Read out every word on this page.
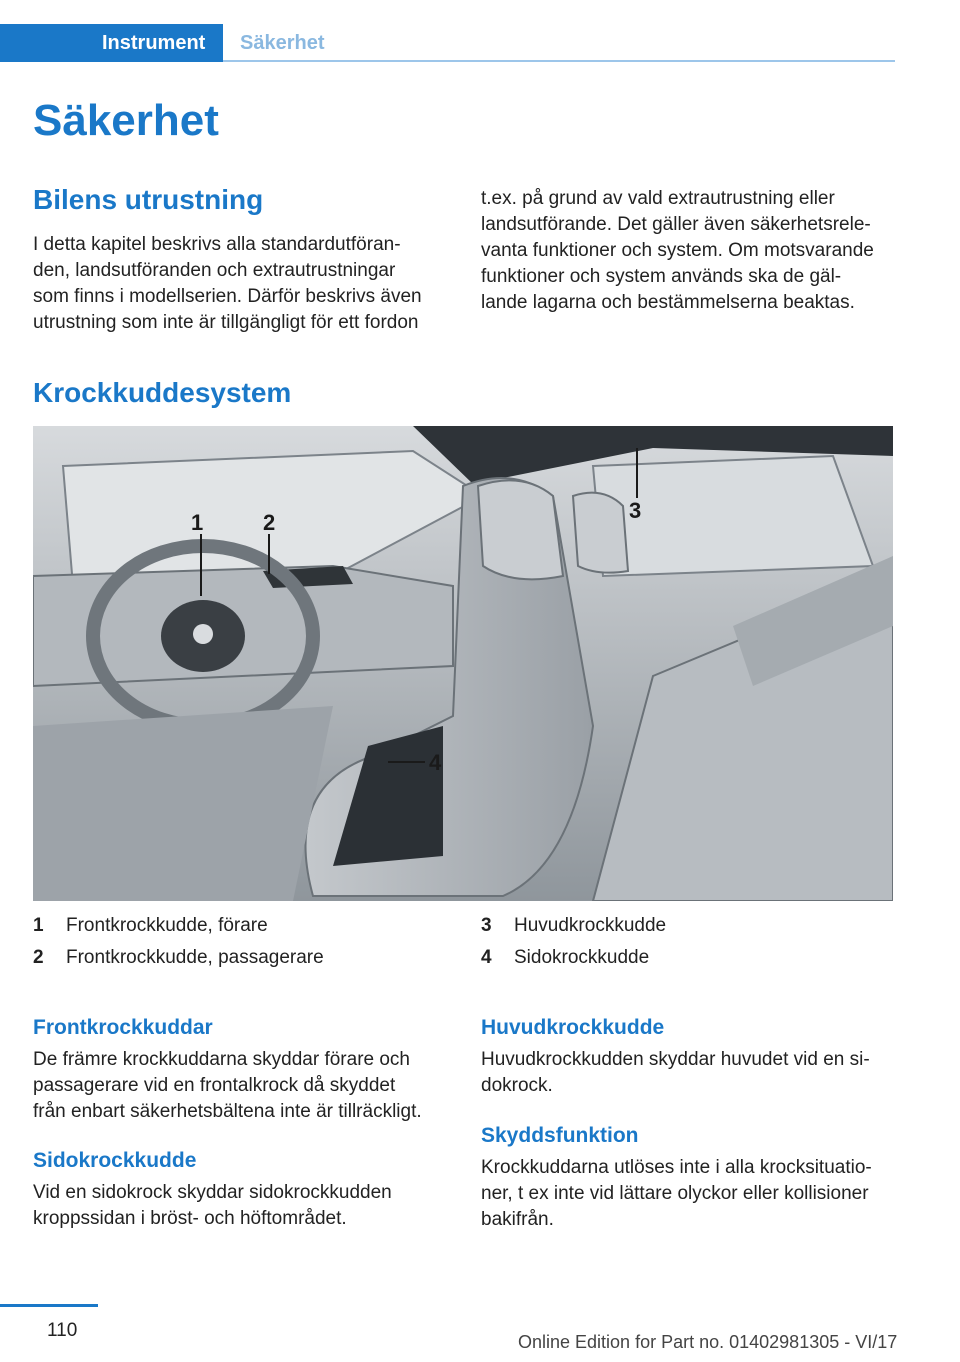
Instrument	Säkerhet
Säkerhet
Bilens utrustning
I detta kapitel beskrivs alla standardutföran-
den, landsutföranden och extrautrustningar
som finns i modellserien. Därför beskrivs även
utrustning som inte är tillgängligt för ett fordon
t.ex. på grund av vald extrautrustning eller
landsutförande. Det gäller även säkerhetsrele-
vanta funktioner och system. Om motsvarande
funktioner och system används ska de gäl-
lande lagarna och bestämmelserna beaktas.
Krockkuddesystem
1	2	3
4
1 Frontkrockkudde, förare
2 Frontkrockkudde, passagerare
3 Huvudkrockkudde
4 Sidokrockkudde
Frontkrockkuddar
De främre krockkuddarna skyddar förare och
passagerare vid en frontalkrock då skyddet
från enbart säkerhetsbältena inte är tillräckligt.
Sidokrockkudde
Vid en sidokrock skyddar sidokrockkudden
kroppssidan i bröst- och höftområdet.
Huvudkrockkudde
Huvudkrockkudden skyddar huvudet vid en si-
dokrock.
Skyddsfunktion
Krockkuddarna utlöses inte i alla krocksituatio-
ner, t ex inte vid lättare olyckor eller kollisioner
bakifrån.
110
Online Edition for Part no. 01402981305 - VI/17
